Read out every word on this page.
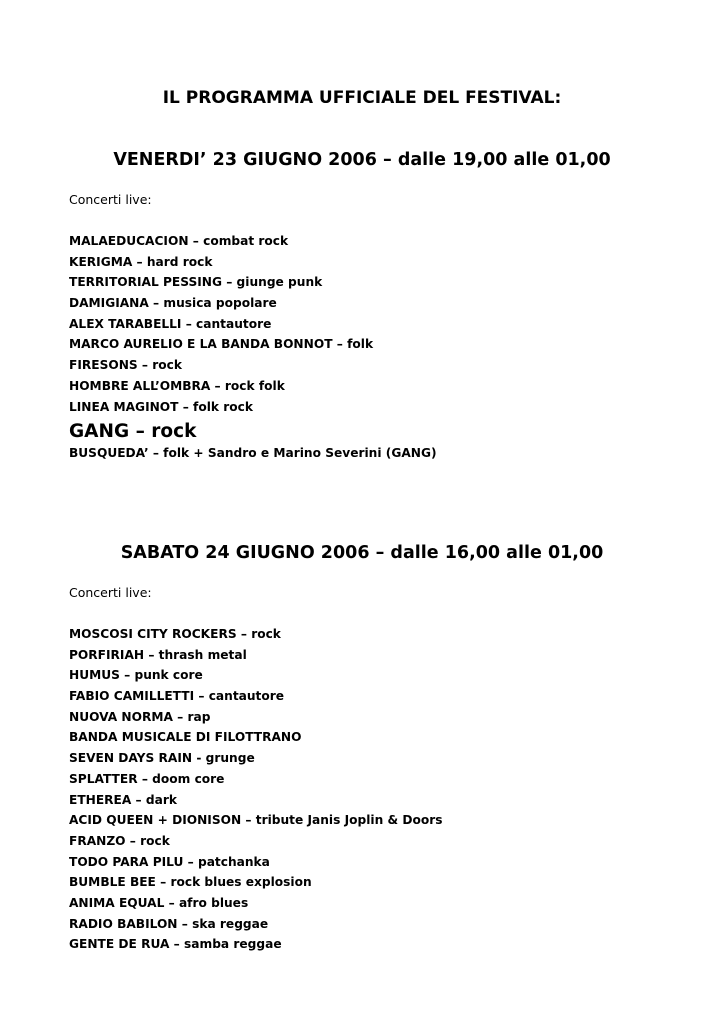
IL PROGRAMMA UFFICIALE DEL FESTIVAL:
VENERDI’ 23 GIUGNO 2006 – dalle 19,00 alle 01,00
Concerti live:
MALAEDUCACION – combat rock
KERIGMA – hard rock
TERRITORIAL PESSING – giunge punk
DAMIGIANA – musica popolare
ALEX TARABELLI – cantautore
MARCO AURELIO E LA BANDA BONNOT – folk
FIRESONS – rock
HOMBRE ALL’OMBRA – rock folk
LINEA MAGINOT – folk rock
GANG – rock
BUSQUEDA’ – folk + Sandro e Marino Severini (GANG)
SABATO 24 GIUGNO 2006 – dalle 16,00 alle 01,00
Concerti live:
MOSCOSI CITY ROCKERS – rock
PORFIRIAH – thrash metal
HUMUS – punk core
FABIO CAMILLETTI – cantautore
NUOVA NORMA – rap
BANDA MUSICALE DI FILOTTRANO
SEVEN DAYS RAIN - grunge
SPLATTER – doom core
ETHEREA – dark
ACID QUEEN + DIONISON – tribute Janis Joplin & Doors
FRANZO – rock
TODO PARA PILU – patchanka
BUMBLE BEE – rock blues explosion
ANIMA EQUAL – afro blues
RADIO BABILON – ska reggae
GENTE DE RUA – samba reggae
